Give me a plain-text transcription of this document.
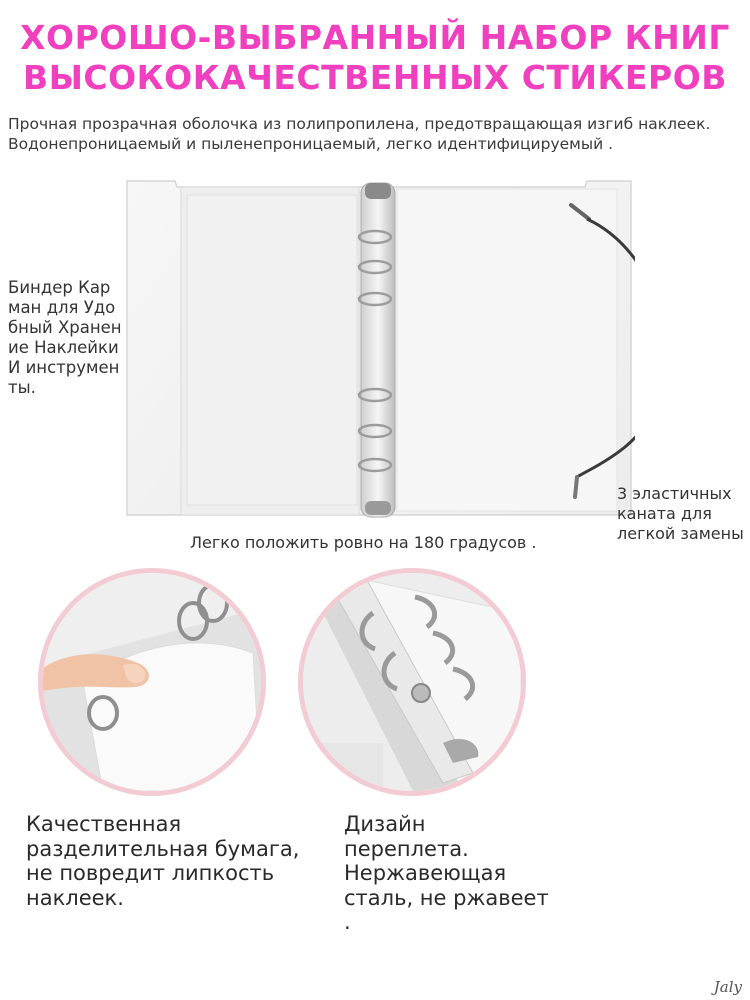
ХОРОШО-ВЫБРАННЫЙ НАБОР КНИГ
ВЫСОКОКАЧЕСТВЕННЫХ СТИКЕРОВ
Прочная прозрачная оболочка из полипропилена, предотвращающая изгиб наклеек.
Водонепроницаемый и пыленепроницаемый, легко идентифицируемый .
Биндер Карман для Удобный Хранение Наклейки И инструменты.
3 эластичных каната для легкой замены
Легко положить ровно на 180 градусов .
Качественная
разделительная бумага,
не повредит липкость
наклеек.
Дизайн
переплета.
Нержавеющая
сталь, не ржавеет
.
Jaly
